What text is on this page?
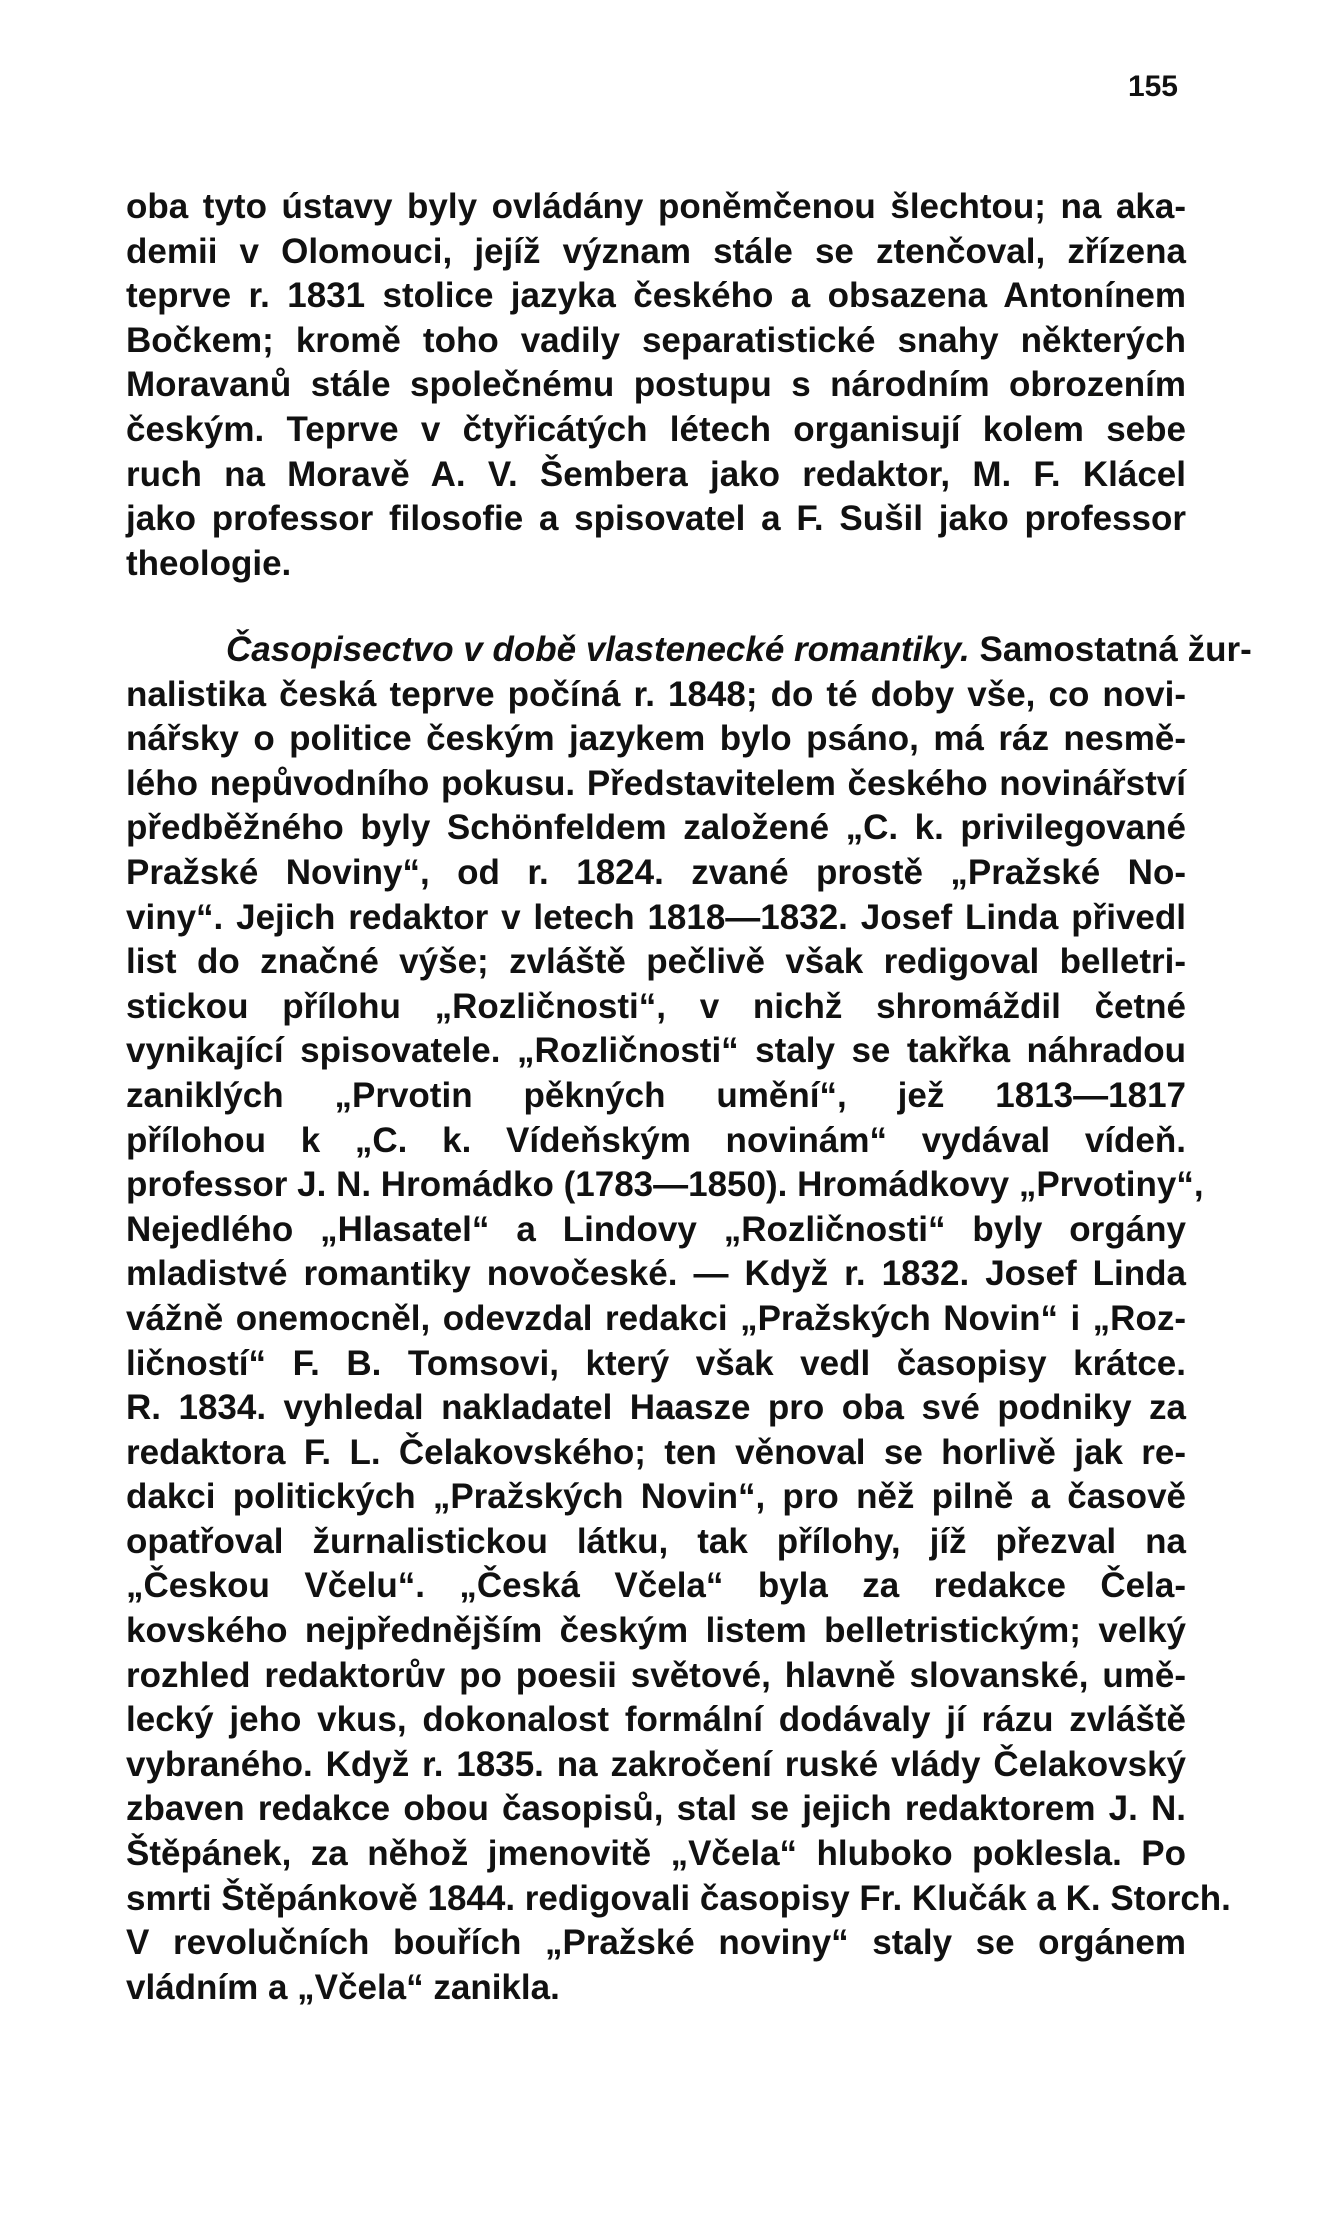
155
oba tyto ústavy byly ovládány poněmčenou šlechtou; na aka-
demii v Olomouci, jejíž význam stále se ztenčoval, zřízena
teprve r. 1831 stolice jazyka českého a obsazena Antonínem
Bočkem; kromě toho vadily separatistické snahy některých
Moravanů stále společnému postupu s národním obrozením
českým. Teprve v čtyřicátých létech organisují kolem sebe
ruch na Moravě A. V. Šembera jako redaktor, M. F. Klácel
jako professor filosofie a spisovatel a F. Sušil jako professor
theologie.
Časopisectvo v době vlastenecké romantiky. Samostatná žur-
nalistika česká teprve počíná r. 1848; do té doby vše, co novi-
nářsky o politice českým jazykem bylo psáno, má ráz nesmě-
lého nepůvodního pokusu. Představitelem českého novinářství
předběžného byly Schönfeldem založené „C. k. privilegované
Pražské Noviny“, od r. 1824. zvané prostě „Pražské No-
viny“. Jejich redaktor v letech 1818—1832. Josef Linda přivedl
list do značné výše; zvláště pečlivě však redigoval belletri-
stickou přílohu „Rozličnosti“, v nichž shromáždil četné
vynikající spisovatele. „Rozličnosti“ staly se takřka náhradou
zaniklých „Prvotin pěkných umění“, jež 1813—1817
přílohou k „C. k. Vídeňským novinám“ vydával vídeň.
professor J. N. Hromádko (1783—1850). Hromádkovy „Prvotiny“,
Nejedlého „Hlasatel“ a Lindovy „Rozličnosti“ byly orgány
mladistvé romantiky novočeské. — Když r. 1832. Josef Linda
vážně onemocněl, odevzdal redakci „Pražských Novin“ i „Roz-
ličností“ F. B. Tomsovi, který však vedl časopisy krátce.
R. 1834. vyhledal nakladatel Haasze pro oba své podniky za
redaktora F. L. Čelakovského; ten věnoval se horlivě jak re-
dakci politických „Pražských Novin“, pro něž pilně a časově
opatřoval žurnalistickou látku, tak přílohy, jíž přezval na
„Českou Včelu“. „Česká Včela“ byla za redakce Čela-
kovského nejpřednějším českým listem belletristickým; velký
rozhled redaktorův po poesii světové, hlavně slovanské, umě-
lecký jeho vkus, dokonalost formální dodávaly jí rázu zvláště
vybraného. Když r. 1835. na zakročení ruské vlády Čelakovský
zbaven redakce obou časopisů, stal se jejich redaktorem J. N.
Štěpánek, za něhož jmenovitě „Včela“ hluboko poklesla. Po
smrti Štěpánkově 1844. redigovali časopisy Fr. Klučák a K. Storch.
V revolučních bouřích „Pražské noviny“ staly se orgánem
vládním a „Včela“ zanikla.
